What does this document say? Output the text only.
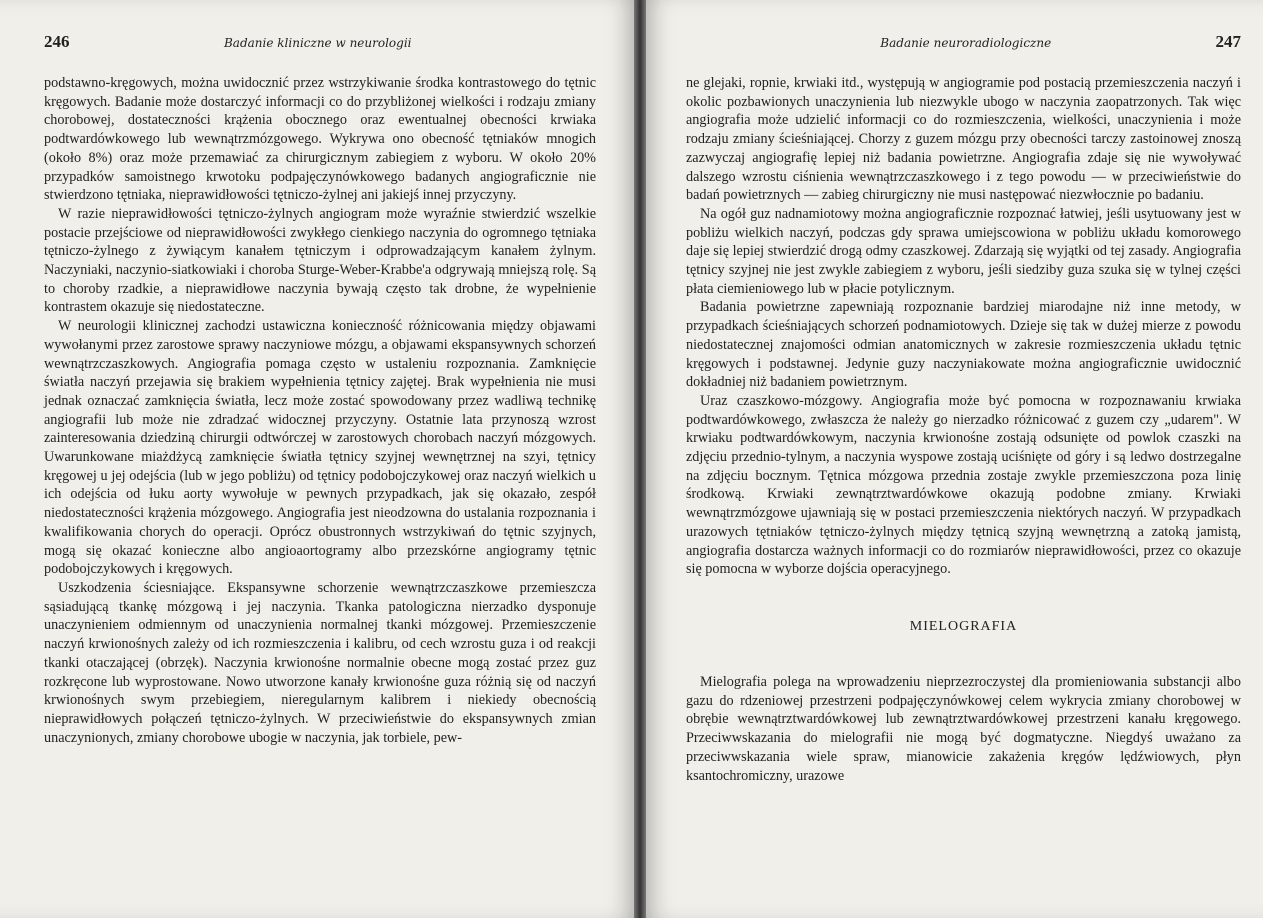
246	Badanie kliniczne w neurologii

podstawno-kręgowych, można uwidocznić przez wstrzykiwanie środka kontrastowego do tętnic kręgowych. Badanie może dostarczyć informacji co do przybliżonej wielkości i rodzaju zmiany chorobowej, dostateczności krążenia obocznego oraz ewentualnej obecności krwiaka podtwardówkowego lub wewnątrzmózgowego. Wykrywa ono obecność tętniaków mnogich (około 8%) oraz może przemawiać za chirurgicznym zabiegiem z wyboru. W około 20% przypadków samoistnego krwotoku podpajęczynówkowego badanych angiograficznie nie stwierdzono tętniaka, nieprawidłowości tętniczo-żylnej ani jakiejś innej przyczyny.

W razie nieprawidłowości tętniczo-żylnych angiogram może wyraźnie stwierdzić wszelkie postacie przejściowe od nieprawidłowości zwykłego cienkiego naczynia do ogromnego tętniaka tętniczo-żylnego z żywiącym kanałem tętniczym i odprowadzającym kanałem żylnym. Naczyniaki, naczynio-siatkowiaki i choroba Sturge-Weber-Krabbe'a odgrywają mniejszą rolę. Są to choroby rzadkie, a nieprawidłowe naczynia bywają często tak drobne, że wypełnienie kontrastem okazuje się niedostateczne.

W neurologii klinicznej zachodzi ustawiczna konieczność różnicowania między objawami wywołanymi przez zarostowe sprawy naczyniowe mózgu, a objawami ekspansywnych schorzeń wewnątrzczaszkowych. Angiografia pomaga często w ustaleniu rozpoznania. Zamknięcie światła naczyń przejawia się brakiem wypełnienia tętnicy zajętej. Brak wypełnienia nie musi jednak oznaczać zamknięcia światła, lecz może zostać spowodowany przez wadliwą technikę angiografii lub może nie zdradzać widocznej przyczyny. Ostatnie lata przynoszą wzrost zainteresowania dziedziną chirurgii odtwórczej w zarostowych chorobach naczyń mózgowych. Uwarunkowane miażdżycą zamknięcie światła tętnicy szyjnej wewnętrznej na szyi, tętnicy kręgowej u jej odejścia (lub w jego pobliżu) od tętnicy podobojczykowej oraz naczyń wielkich u ich odejścia od łuku aorty wywołuje w pewnych przypadkach, jak się okazało, zespół niedostateczności krążenia mózgowego. Angiografia jest nieodzowna do ustalania rozpoznania i kwalifikowania chorych do operacji. Oprócz obustronnych wstrzykiwań do tętnic szyjnych, mogą się okazać konieczne albo angioaortogramy albo przezskórne angiogramy tętnic podobojczykowych i kręgowych.

Uszkodzenia ściesniające. Ekspansywne schorzenie wewnątrzczaszkowe przemieszcza sąsiadującą tkankę mózgową i jej naczynia. Tkanka patologiczna nierzadko dysponuje unaczynieniem odmiennym od unaczynienia normalnej tkanki mózgowej. Przemieszczenie naczyń krwionośnych zależy od ich rozmieszczenia i kalibru, od cech wzrostu guza i od reakcji tkanki otaczającej (obrzęk). Naczynia krwionośne normalnie obecne mogą zostać przez guz rozkręcone lub wyprostowane. Nowo utworzone kanały krwionośne guza różnią się od naczyń krwionośnych swym przebiegiem, nieregularnym kalibrem i niekiedy obecnością nieprawidłowych połączeń tętniczo-żylnych. W przeciwieństwie do ekspansywnych zmian unaczynionych, zmiany chorobowe ubogie w naczynia, jak torbiele, pew-

Badanie neuroradiologiczne	247

ne glejaki, ropnie, krwiaki itd., występują w angiogramie pod postacią przemieszczenia naczyń i okolic pozbawionych unaczynienia lub niezwykle ubogo w naczynia zaopatrzonych. Tak więc angiografia może udzielić informacji co do rozmieszczenia, wielkości, unaczynienia i może rodzaju zmiany ścieśniającej. Chorzy z guzem mózgu przy obecności tarczy zastoinowej znoszą zazwyczaj angiografię lepiej niż badania powietrzne. Angiografia zdaje się nie wywoływać dalszego wzrostu ciśnienia wewnątrzczaszkowego i z tego powodu — w przeciwieństwie do badań powietrznych — zabieg chirurgiczny nie musi następować niezwłocznie po badaniu.

Na ogół guz nadnamiotowy można angiograficznie rozpoznać łatwiej, jeśli usytuowany jest w pobliżu wielkich naczyń, podczas gdy sprawa umiejscowiona w pobliżu układu komorowego daje się lepiej stwierdzić drogą odmy czaszkowej. Zdarzają się wyjątki od tej zasady. Angiografia tętnicy szyjnej nie jest zwykle zabiegiem z wyboru, jeśli siedziby guza szuka się w tylnej części płata ciemieniowego lub w płacie potylicznym.

Badania powietrzne zapewniają rozpoznanie bardziej miarodajne niż inne metody, w przypadkach ścieśniających schorzeń podnamiotowych. Dzieje się tak w dużej mierze z powodu niedostatecznej znajomości odmian anatomicznych w zakresie rozmieszczenia układu tętnic kręgowych i podstawnej. Jedynie guzy naczyniakowate można angiograficznie uwidocznić dokładniej niż badaniem powietrznym.

Uraz czaszkowo-mózgowy. Angiografia może być pomocna w rozpoznawaniu krwiaka podtwardówkowego, zwłaszcza że należy go nierzadko różnicować z guzem czy „udarem". W krwiaku podtwardówkowym, naczynia krwionośne zostają odsunięte od powlok czaszki na zdjęciu przednio-tylnym, a naczynia wyspowe zostają uciśnięte od góry i są ledwo dostrzegalne na zdjęciu bocznym. Tętnica mózgowa przednia zostaje zwykle przemieszczona poza linię środkową. Krwiaki zewnątrztwardówkowe okazują podobne zmiany. Krwiaki wewnątrzmózgowe ujawniają się w postaci przemieszczenia niektórych naczyń. W przypadkach urazowych tętniaków tętniczo-żylnych między tętnicą szyjną wewnętrzną a zatoką jamistą, angiografia dostarcza ważnych informacji co do rozmiarów nieprawidłowości, przez co okazuje się pomocna w wyborze dojścia operacyjnego.

MIELOGRAFIA

Mielografia polega na wprowadzeniu nieprzezroczystej dla promieniowania substancji albo gazu do rdzeniowej przestrzeni podpajęczynówkowej celem wykrycia zmiany chorobowej w obrębie wewnątrztwardówkowej lub zewnątrztwardówkowej przestrzeni kanału kręgowego. Przeciwwskazania do mielografii nie mogą być dogmatyczne. Niegdyś uważano za przeciwwskazania wiele spraw, mianowicie zakażenia kręgów lędźwiowych, płyn ksantochromiczny, urazowe
